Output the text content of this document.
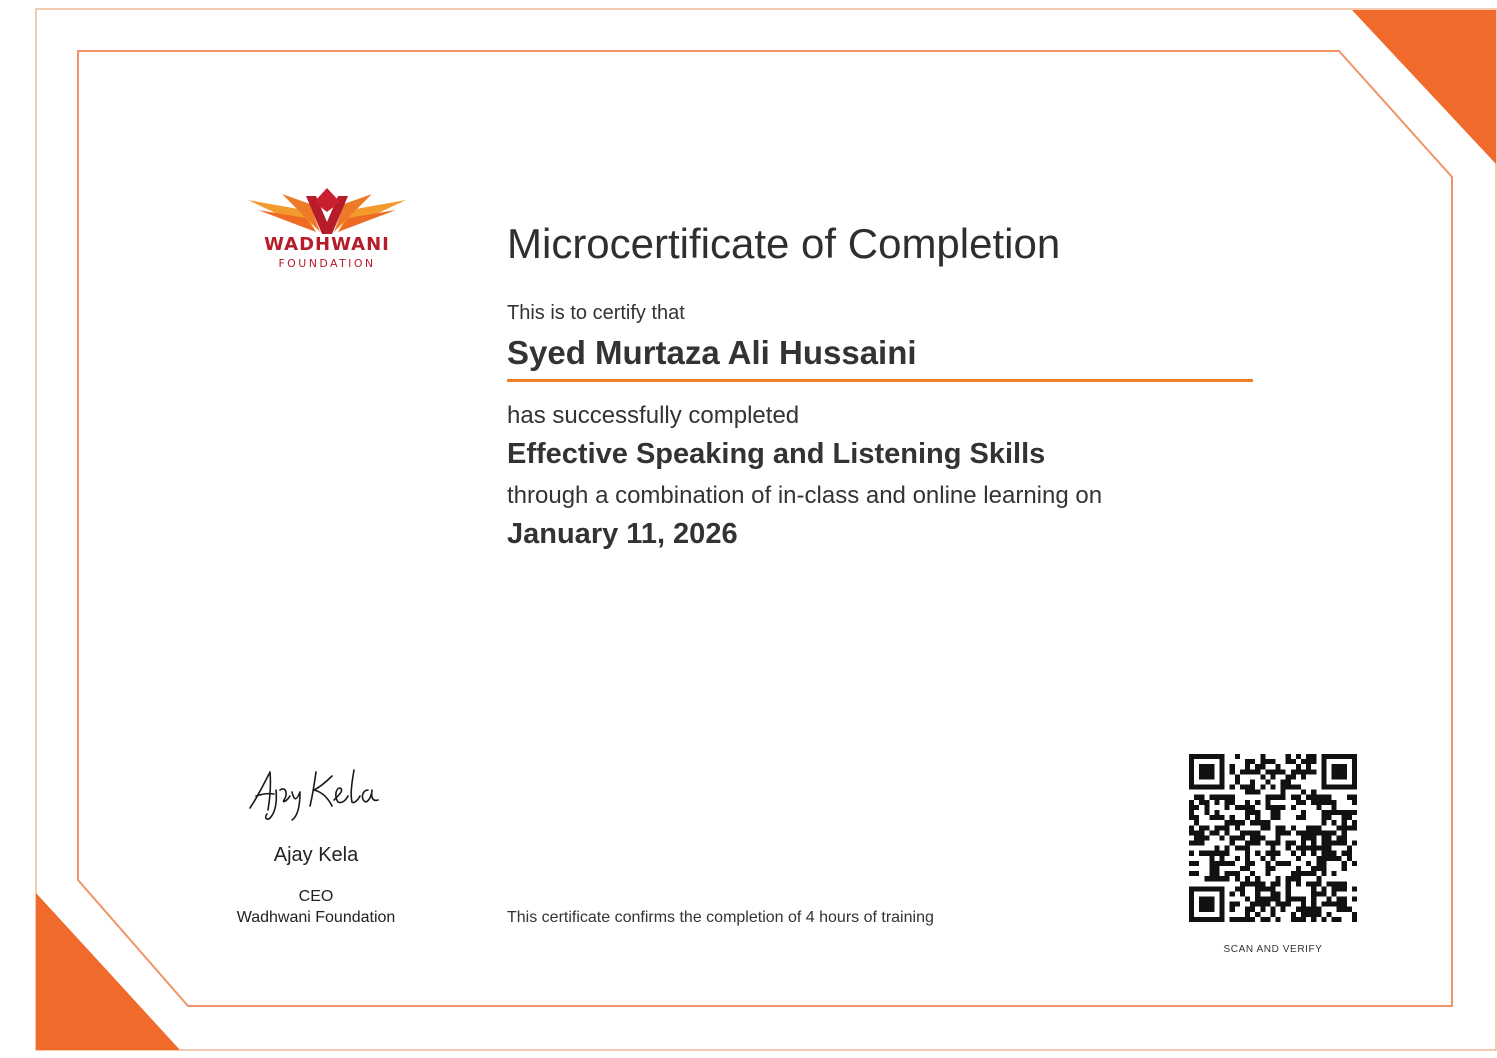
WADHWANI
FOUNDATION	Microcertificate of Completion
This is to certify that
Syed Murtaza Ali Hussaini
has successfully completed
Effective Speaking and Listening Skills
through a combination of in-class and online learning on
January 11, 2026
Ajay Kela
CEO
Wadhwani Foundation	This certificate confirms the completion of 4 hours of training
SCAN AND VERIFY
